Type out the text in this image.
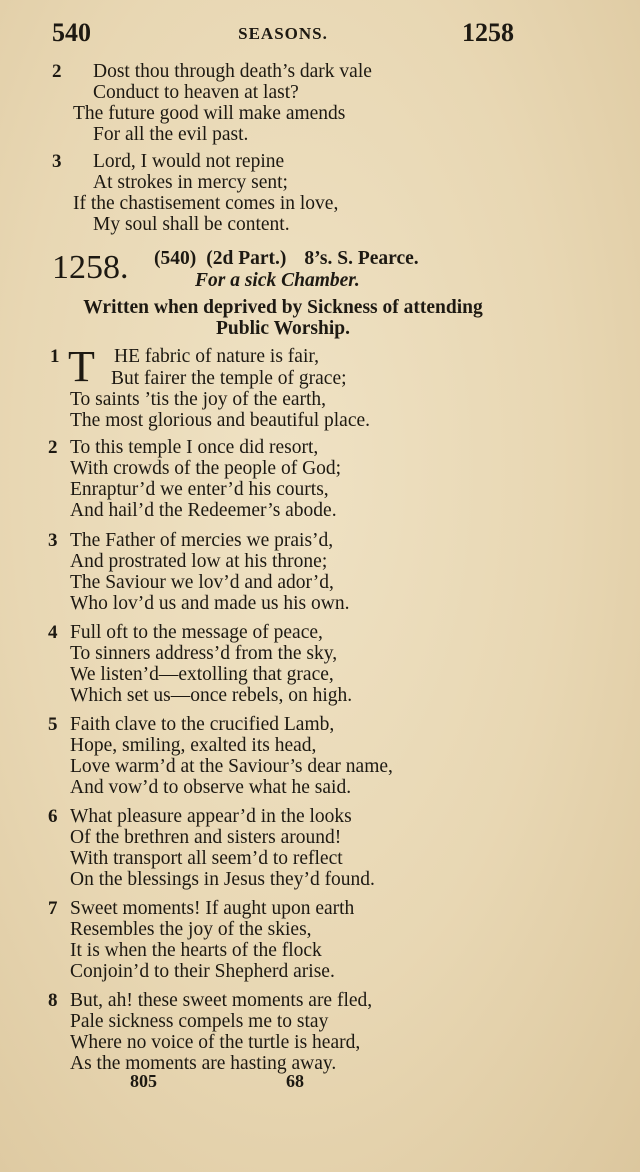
540	SEASONS.	1258
2 Dost thou through death’s dark vale
Conduct to heaven at last?
The future good will make amends
For all the evil past.
3 Lord, I would not repine
At strokes in mercy sent;
If the chastisement comes in love,
My soul shall be content.
1258. (540) (2d Part.) 8’s. S. Pearce.
For a sick Chamber.
Written when deprived by Sickness of attending
Public Worship.
1 T HE fabric of nature is fair,
But fairer the temple of grace;
To saints ’tis the joy of the earth,
The most glorious and beautiful place.
2 To this temple I once did resort,
With crowds of the people of God;
Enraptur’d we enter’d his courts,
And hail’d the Redeemer’s abode.
3 The Father of mercies we prais’d,
And prostrated low at his throne;
The Saviour we lov’d and ador’d,
Who lov’d us and made us his own.
4 Full oft to the message of peace,
To sinners address’d from the sky,
We listen’d—extolling that grace,
Which set us—once rebels, on high.
5 Faith clave to the crucified Lamb,
Hope, smiling, exalted its head,
Love warm’d at the Saviour’s dear name,
And vow’d to observe what he said.
6 What pleasure appear’d in the looks
Of the brethren and sisters around!
With transport all seem’d to reflect
On the blessings in Jesus they’d found.
7 Sweet moments! If aught upon earth
Resembles the joy of the skies,
It is when the hearts of the flock
Conjoin’d to their Shepherd arise.
8 But, ah! these sweet moments are fled,
Pale sickness compels me to stay
Where no voice of the turtle is heard,
As the moments are hasting away.
805	68
